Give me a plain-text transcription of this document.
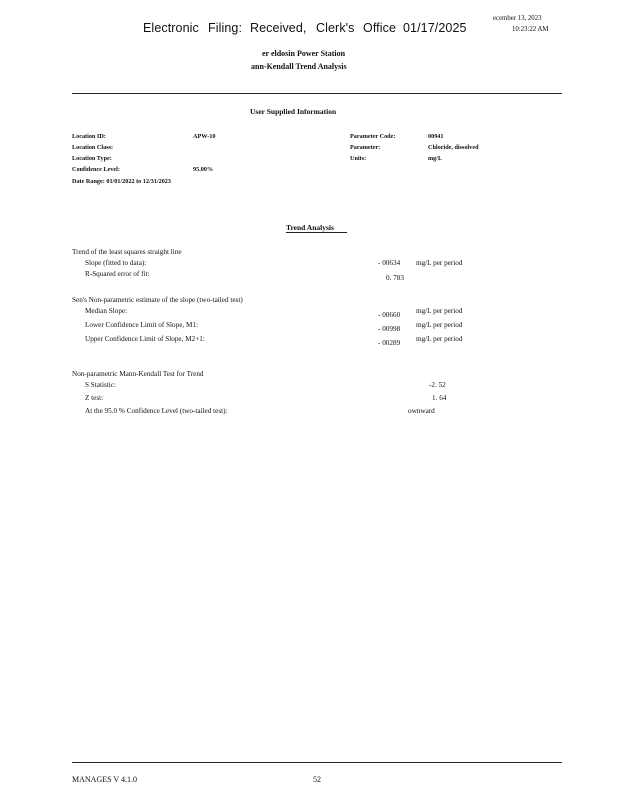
Electronic Filing: Received, Clerk's Office 01/17/2025
ecember 13, 2023
10:23:22 AM
er eldosin Power Station
ann-Kendall Trend Analysis
User Supplied Information
Location ID:	APW-10
Location Class:
Location Type:
Confidence Level:	95.00%
Date Range: 01/01/2022 to 12/31/2023
Parameter Code:	00941
Parameter:	Chloride, dissolved
Units:	mg/L
Trend Analysis
Trend of the least squares straight line
Slope (fitted to data):	- 00634 mg/L per period
R-Squared error of fit:	0. 783
Sen's Non-parametric estimate of the slope (two-tailed test)
Median Slope:	- 00660 mg/L per period
Lower Confidence Limit of Slope, M1:	- 00998 mg/L per period
Upper Confidence Limit of Slope, M2+1:	- 00289 mg/L per period
Non-parametric Mann-Kendall Test for Trend
S Statistic:	-2. 52
Z test:	1. 64
At the 95.0 % Confidence Level (two-tailed test):	ownward
MANAGES V 4.1.0	52
